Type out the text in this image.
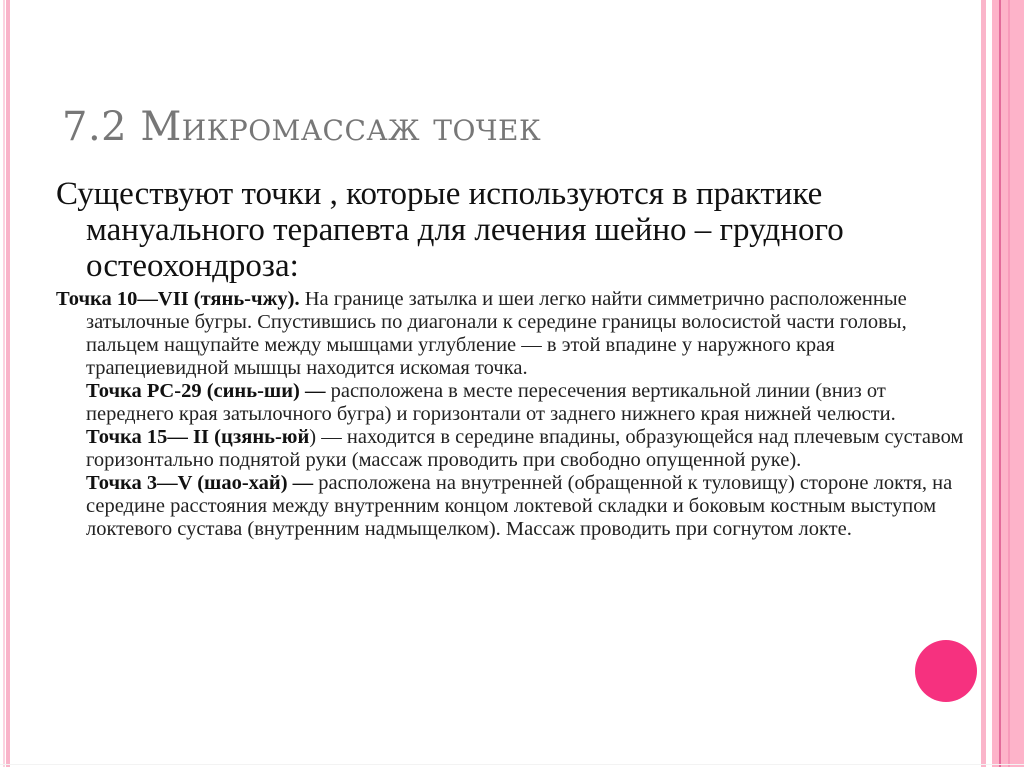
7.2 Микромассаж точек

Существуют точки , которые используются в практике мануального терапевта для лечения шейно – грудного остеохондроза:

Точка 10—VII (тянь-чжу). На границе затылка и шеи легко найти симметрично расположенные затылочные бугры. Спустившись по диагонали к середине границы волосистой части головы, пальцем нащупайте между мышцами углубление — в этой впадине у наружного края трапециевидной мышцы находится искомая точка.

Точка PC-29 (синь-ши) — расположена в месте пересечения вертикальной линии (вниз от переднего края затылочного бугра) и горизонтали от заднего нижнего края нижней челюсти.

Точка 15— II (цзянь-юй) — находится в середине впадины, образующейся над плечевым суставом горизонтально поднятой руки (массаж проводить при свободно опущенной руке).

Точка 3—V (шао-хай) — расположена на внутренней (обращенной к туловищу) стороне локтя, на середине расстояния между внутренним концом локтевой складки и боковым костным выступом локтевого сустава (внутренним надмыщелком). Массаж проводить при согнутом локте.
